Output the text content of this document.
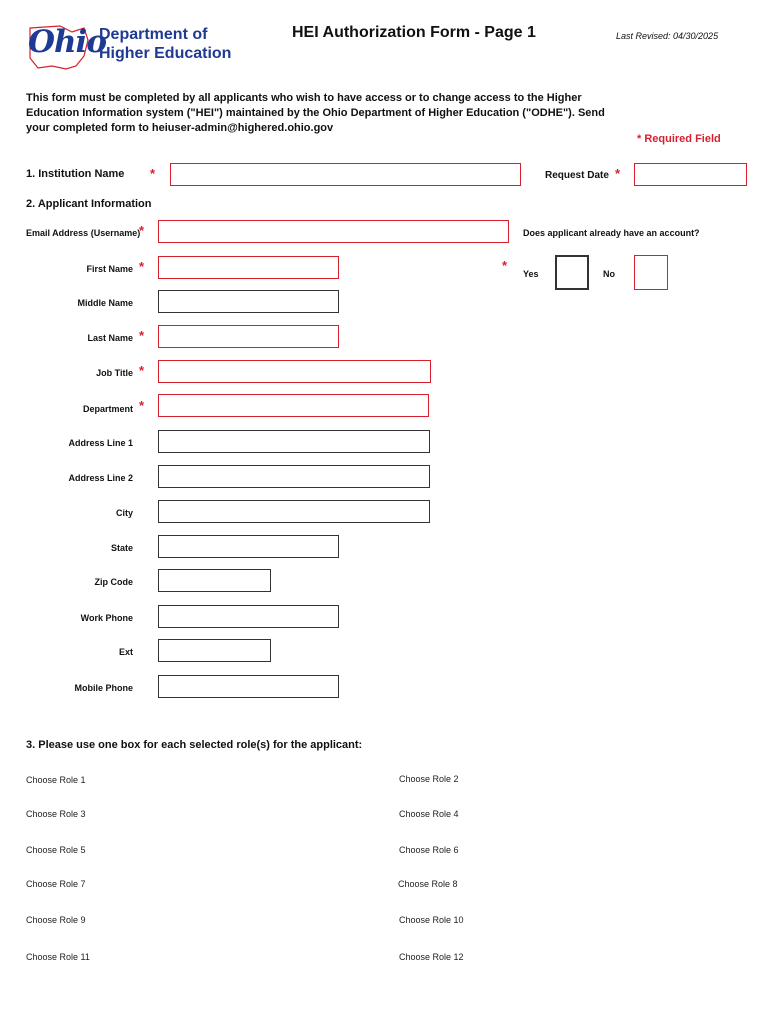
Ohio
Department of
Higher Education
HEI Authorization Form - Page 1	Last Revised: 04/30/2025
This form must be completed by all applicants who wish to have access or to change access to the Higher
Education Information system ("HEI") maintained by the Ohio Department of Higher Education ("ODHE"). Send
your completed form to heiuser-admin@highered.ohio.gov
* Required Field
1. Institution Name *	Request Date *
2. Applicant Information
Email Address (Username)
*	Does applicant already have an account?
*
Yes	No
First Name *
Middle Name
Last Name *
Job Title *
Department *
Address Line 1
Address Line 2
City
State
Zip Code
Work Phone
Ext
Mobile Phone
3. Please use one box for each selected role(s) for the applicant:
Choose Role 1	Choose Role 2
Choose Role 3	Choose Role 4
Choose Role 5	Choose Role 6
Choose Role 7	Choose Role 8
Choose Role 9	Choose Role 10
Choose Role 11	Choose Role 12
